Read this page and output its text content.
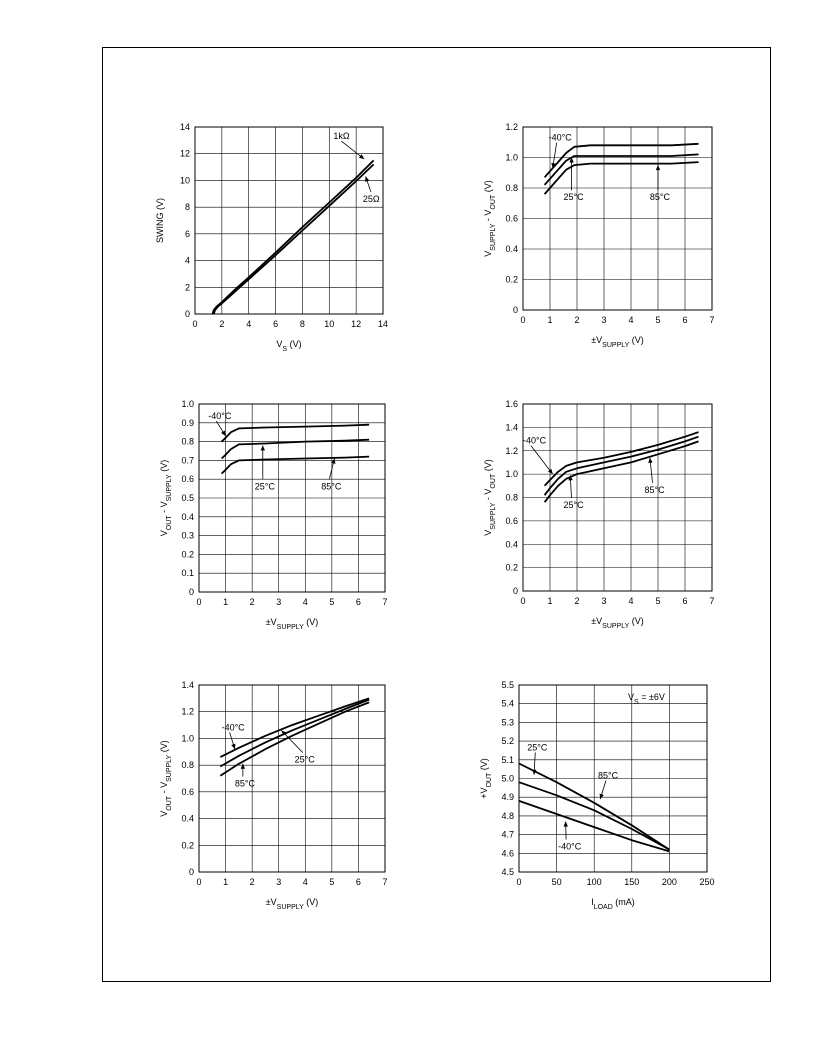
0 2 4 6 8 10 12 14
0
2
4
6
8
10
12
14
$V_S$ (V)
SWING (V)
1kΩ
25Ω
0 1 2 3 4 5 6 7
0
0.2
0.4
0.6
0.8
1.0
1.2
$\pm V_{SUPPLY}$ (V)
$V_{SUPPLY} - V_{OUT}$ (V)
-40°C
25°C	85°C
0 1 2 3 4 5 6 7
0
0.1
0.2
0.3
0.4
0.5
0.6
0.7
0.8
0.9
1.0
$\pm V_{SUPPLY}$ (V)
$V_{OUT} - V_{SUPPLY}$ (V)
-40°C
25°C	85°C
0 1 2 3 4 5 6 7
0
0.2
0.4
0.6
0.8
1.0
1.2
1.4
1.6
$\pm V_{SUPPLY}$ (V)
$V_{SUPPLY} - V_{OUT}$ (V)
-40°C
25°C
85°C
0 1 2 3 4 5 6 7
0
0.2
0.4
0.6
0.8
1.0
1.2
1.4
$\pm V_{SUPPLY}$ (V)
$V_{OUT} - V_{SUPPLY}$ (V)
-40°C
25°C
85°C
0	50	100	150	200	250
4.5
4.6
4.7
4.8
4.9
5.0
5.1
5.2
5.3
5.4
5.5
$I_{LOAD}$ (mA)
$+V_{OUT}$ (V)
25°C
85°C
-40°C
$V_S = \pm 6V$
